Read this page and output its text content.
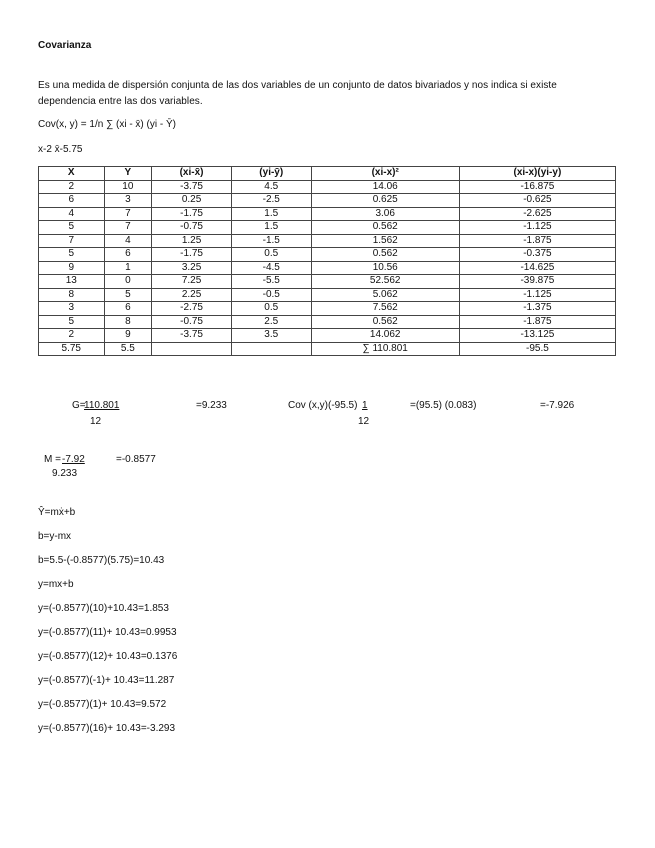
Covarianza
Es una medida de dispersión conjunta de las dos variables de un conjunto de datos bivariados y nos indica si existe dependencia entre las dos variables.
Cov(x, y) = 1/n ∑ (xi - x̄) (yi - Ȳ)
x-2 x̄-5.75
X	Y	(xi-x̄)	(yi-ȳ)	(xi-x)²	(xi-x)(yi-y)
2	10	-3.75	4.5	14.06	-16.875
6	3	0.25	-2.5	0.625	-0.625
4	7	-1.75	1.5	3.06	-2.625
5	7	-0.75	1.5	0.562	-1.125
7	4	1.25	-1.5	1.562	-1.875
5	6	-1.75	0.5	0.562	-0.375
9	1	3.25	-4.5	10.56	-14.625
13	0	7.25	-5.5	52.562	-39.875
8	5	2.25	-0.5	5.062	-1.125
3	6	-2.75	0.5	7.562	-1.375
5	8	-0.75	2.5	0.562	-1.875
2	9	-3.75	3.5	14.062	-13.125
5.75	5.5			∑ 110.801	-95.5
G=
110.801
12
=9.233	Cov (x,y) (-95.5) 1
12
=(95.5) (0.083)	=-7.926
M = -7.92
9.233
=-0.8577
Ŷ=mẋ+b
b=y-mx
b=5.5-(-0.8577)(5.75)=10.43
y=mx+b
y=(-0.8577)(10)+10.43=1.853
y=(-0.8577)(11)+ 10.43=0.9953
y=(-0.8577)(12)+ 10.43=0.1376
y=(-0.8577)(-1)+ 10.43=11.287
y=(-0.8577)(1)+ 10.43=9.572
y=(-0.8577)(16)+ 10.43=-3.293
